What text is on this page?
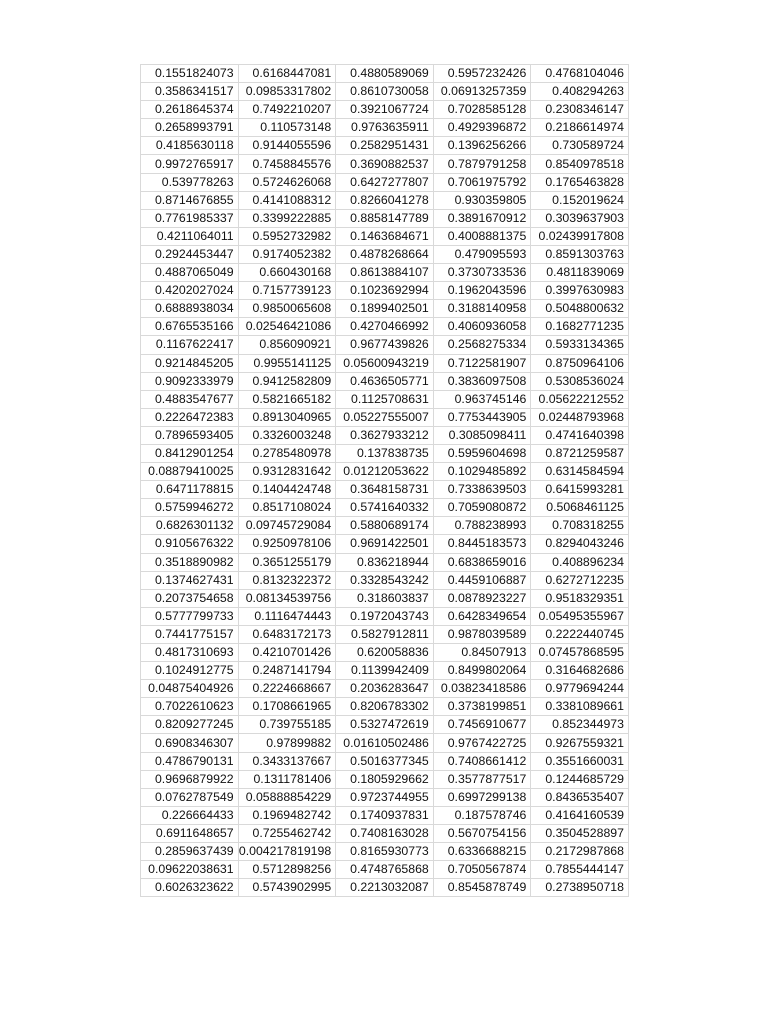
0.1551824073	0.6168447081	0.4880589069	0.5957232426	0.4768104046
0.3586341517	0.09853317802	0.8610730058	0.06913257359	0.408294263
0.2618645374	0.7492210207	0.3921067724	0.7028585128	0.2308346147
0.2658993791	0.110573148	0.9763635911	0.4929396872	0.2186614974
0.4185630118	0.9144055596	0.2582951431	0.1396256266	0.730589724
0.9972765917	0.7458845576	0.3690882537	0.7879791258	0.8540978518
0.539778263	0.5724626068	0.6427277807	0.7061975792	0.1765463828
0.8714676855	0.4141088312	0.8266041278	0.930359805	0.152019624
0.7761985337	0.3399222885	0.8858147789	0.3891670912	0.3039637903
0.4211064011	0.5952732982	0.1463684671	0.4008881375	0.02439917808
0.2924453447	0.9174052382	0.4878268664	0.479095593	0.8591303763
0.4887065049	0.660430168	0.8613884107	0.3730733536	0.4811839069
0.4202027024	0.7157739123	0.1023692994	0.1962043596	0.3997630983
0.6888938034	0.9850065608	0.1899402501	0.3188140958	0.5048800632
0.6765535166	0.02546421086	0.4270466992	0.4060936058	0.1682771235
0.1167622417	0.856090921	0.9677439826	0.2568275334	0.5933134365
0.9214845205	0.9955141125	0.05600943219	0.7122581907	0.8750964106
0.9092333979	0.9412582809	0.4636505771	0.3836097508	0.5308536024
0.4883547677	0.5821665182	0.1125708631	0.963745146	0.05622212552
0.2226472383	0.8913040965	0.05227555007	0.7753443905	0.02448793968
0.7896593405	0.3326003248	0.3627933212	0.3085098411	0.4741640398
0.8412901254	0.2785480978	0.137838735	0.5959604698	0.8721259587
0.08879410025	0.9312831642	0.01212053622	0.1029485892	0.6314584594
0.6471178815	0.1404424748	0.3648158731	0.7338639503	0.6415993281
0.5759946272	0.8517108024	0.5741640332	0.7059080872	0.5068461125
0.6826301132	0.09745729084	0.5880689174	0.788238993	0.708318255
0.9105676322	0.9250978106	0.9691422501	0.8445183573	0.8294043246
0.3518890982	0.3651255179	0.836218944	0.6838659016	0.408896234
0.1374627431	0.8132322372	0.3328543242	0.4459106887	0.6272712235
0.2073754658	0.08134539756	0.318603837	0.0878923227	0.9518329351
0.5777799733	0.1116474443	0.1972043743	0.6428349654	0.05495355967
0.7441775157	0.6483172173	0.5827912811	0.9878039589	0.2222440745
0.4817310693	0.4210701426	0.620058836	0.84507913	0.07457868595
0.1024912775	0.2487141794	0.1139942409	0.8499802064	0.3164682686
0.04875404926	0.2224668667	0.2036283647	0.03823418586	0.9779694244
0.7022610623	0.1708661965	0.8206783302	0.3738199851	0.3381089661
0.8209277245	0.739755185	0.5327472619	0.7456910677	0.852344973
0.6908346307	0.97899882	0.01610502486	0.9767422725	0.9267559321
0.4786790131	0.3433137667	0.5016377345	0.7408661412	0.3551660031
0.9696879922	0.1311781406	0.1805929662	0.3577877517	0.1244685729
0.0762787549	0.05888854229	0.9723744955	0.6997299138	0.8436535407
0.226664433	0.1969482742	0.1740937831	0.187578746	0.4164160539
0.6911648657	0.7255462742	0.7408163028	0.5670754156	0.3504528897
0.2859637439	0.004217819198	0.8165930773	0.6336688215	0.2172987868
0.09622038631	0.5712898256	0.4748765868	0.7050567874	0.7855444147
0.6026323622	0.5743902995	0.2213032087	0.8545878749	0.2738950718
